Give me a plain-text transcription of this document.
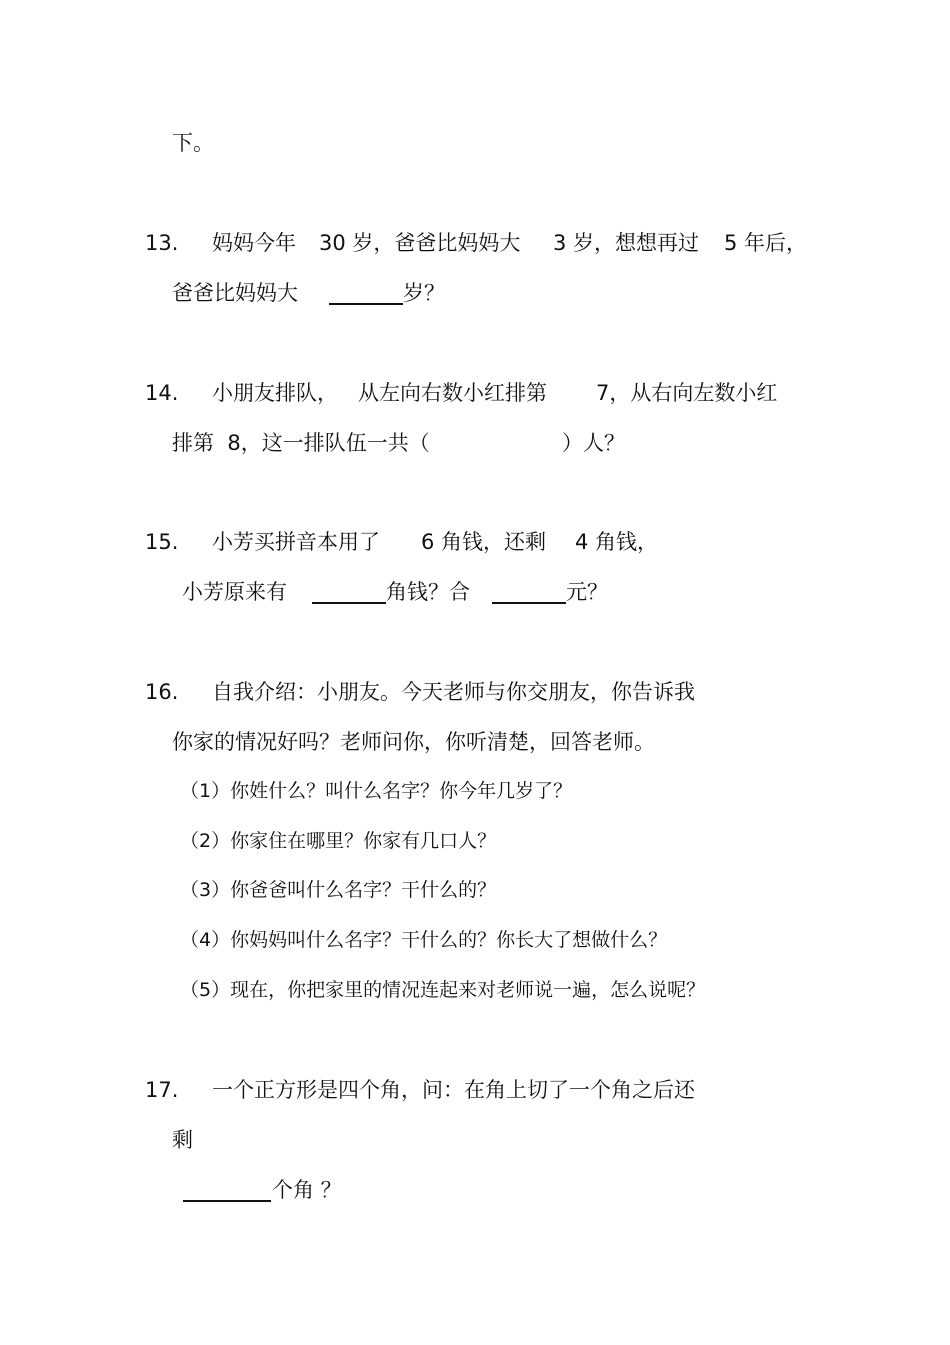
下。
13. 妈妈今年 30 岁，爸爸比妈妈大 3 岁，想想再过 5 年后，
爸爸比妈妈大	岁？
14. 小朋友排队， 从左向右数小红排第 7，从右向左数小红
排第  8，这一排队伍一共（	）人？
15. 小芳买拼音本用了 6 角钱，还剩 4 角钱，
小芳原来有	角钱？合	元？
16. 自我介绍：小朋友。今天老师与你交朋友，你告诉我
你家的情况好吗？老师问你，你听清楚，回答老师。
（1）你姓什么？叫什么名字？你今年几岁了？
（2）你家住在哪里？你家有几口人？
（3）你爸爸叫什么名字？干什么的？
（4）你妈妈叫什么名字？干什么的？你长大了想做什么？
（5）现在，你把家里的情况连起来对老师说一遍，怎么说呢？
17. 一个正方形是四个角，问：在角上切了一个角之后还
剩
个角 ？
